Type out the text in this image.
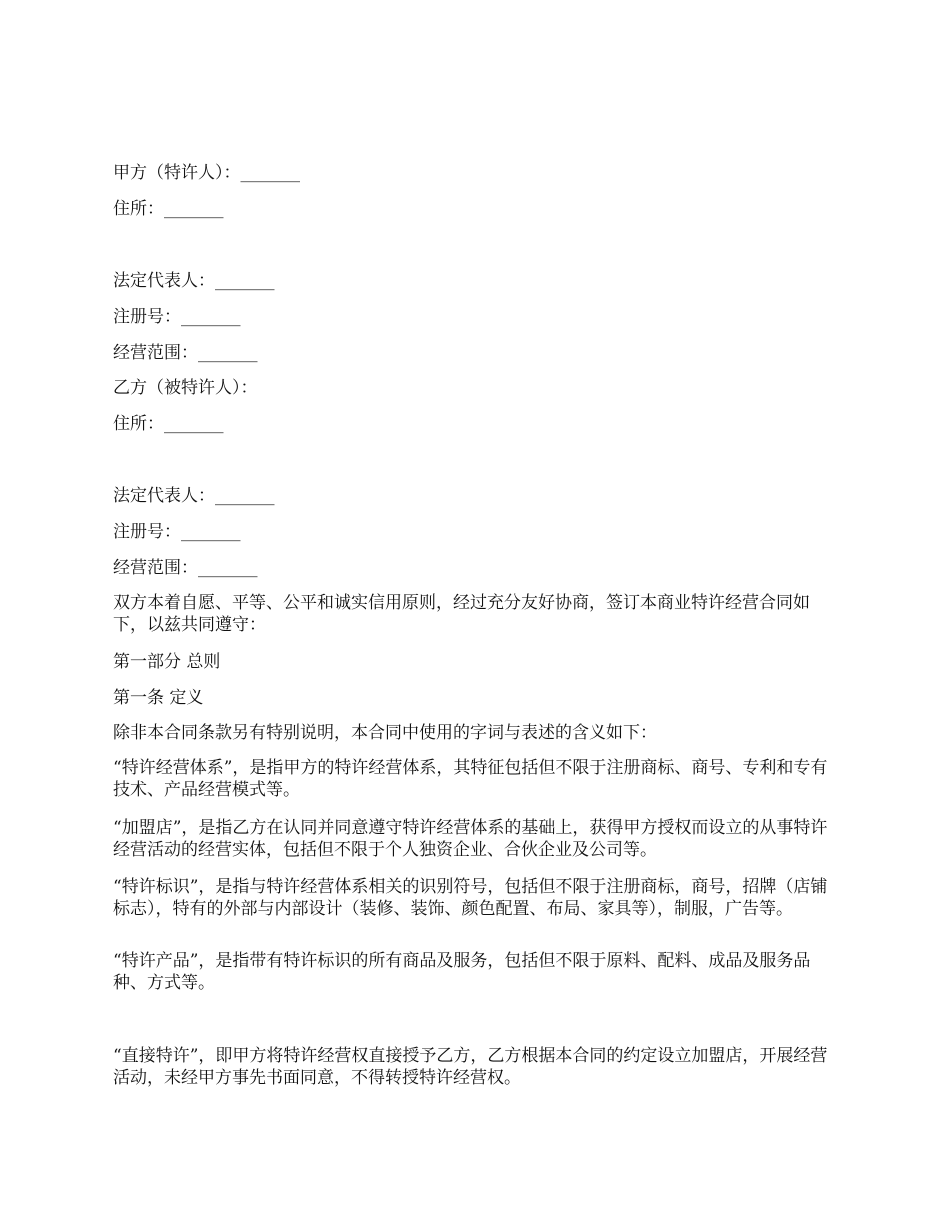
甲方（特许人）：_______
住所：_______
法定代表人：_______
注册号：_______
经营范围：_______
乙方（被特许人）：
住所：_______
法定代表人：_______
注册号：_______
经营范围：_______
双方本着自愿、平等、公平和诚实信用原则，经过充分友好协商，签订本商业特许经营合同如下，以兹共同遵守：
第一部分 总则
第一条 定义
除非本合同条款另有特别说明，本合同中使用的字词与表述的含义如下：
“特许经营体系”，是指甲方的特许经营体系，其特征包括但不限于注册商标、商号、专利和专有技术、产品经营模式等。
“加盟店”，是指乙方在认同并同意遵守特许经营体系的基础上，获得甲方授权而设立的从事特许经营活动的经营实体，包括但不限于个人独资企业、合伙企业及公司等。
“特许标识”，是指与特许经营体系相关的识别符号，包括但不限于注册商标，商号，招牌（店铺标志），特有的外部与内部设计（装修、装饰、颜色配置、布局、家具等），制服，广告等。
“特许产品”，是指带有特许标识的所有商品及服务，包括但不限于原料、配料、成品及服务品种、方式等。
“直接特许”，即甲方将特许经营权直接授予乙方，乙方根据本合同的约定设立加盟店，开展经营活动，未经甲方事先书面同意，不得转授特许经营权。
